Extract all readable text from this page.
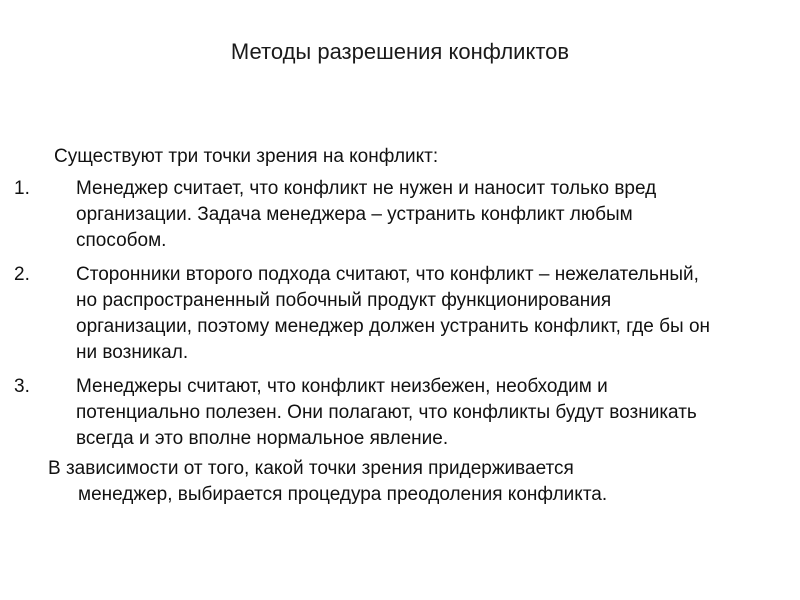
Методы разрешения конфликтов
Существуют три точки зрения на конфликт:
1.	Менеджер считает, что конфликт не нужен и наносит только вред организации. Задача менеджера – устранить конфликт любым способом.
2.	Сторонники второго подхода считают, что конфликт – нежелательный, но распространенный побочный продукт функционирования организации, поэтому менеджер должен устранить конфликт, где бы он ни возникал.
3.	Менеджеры считают, что конфликт неизбежен, необходим и потенциально полезен. Они полагают, что конфликты будут возникать всегда и это вполне нормальное явление.
В зависимости от того, какой точки зрения придерживается
менеджер, выбирается процедура преодоления конфликта.
